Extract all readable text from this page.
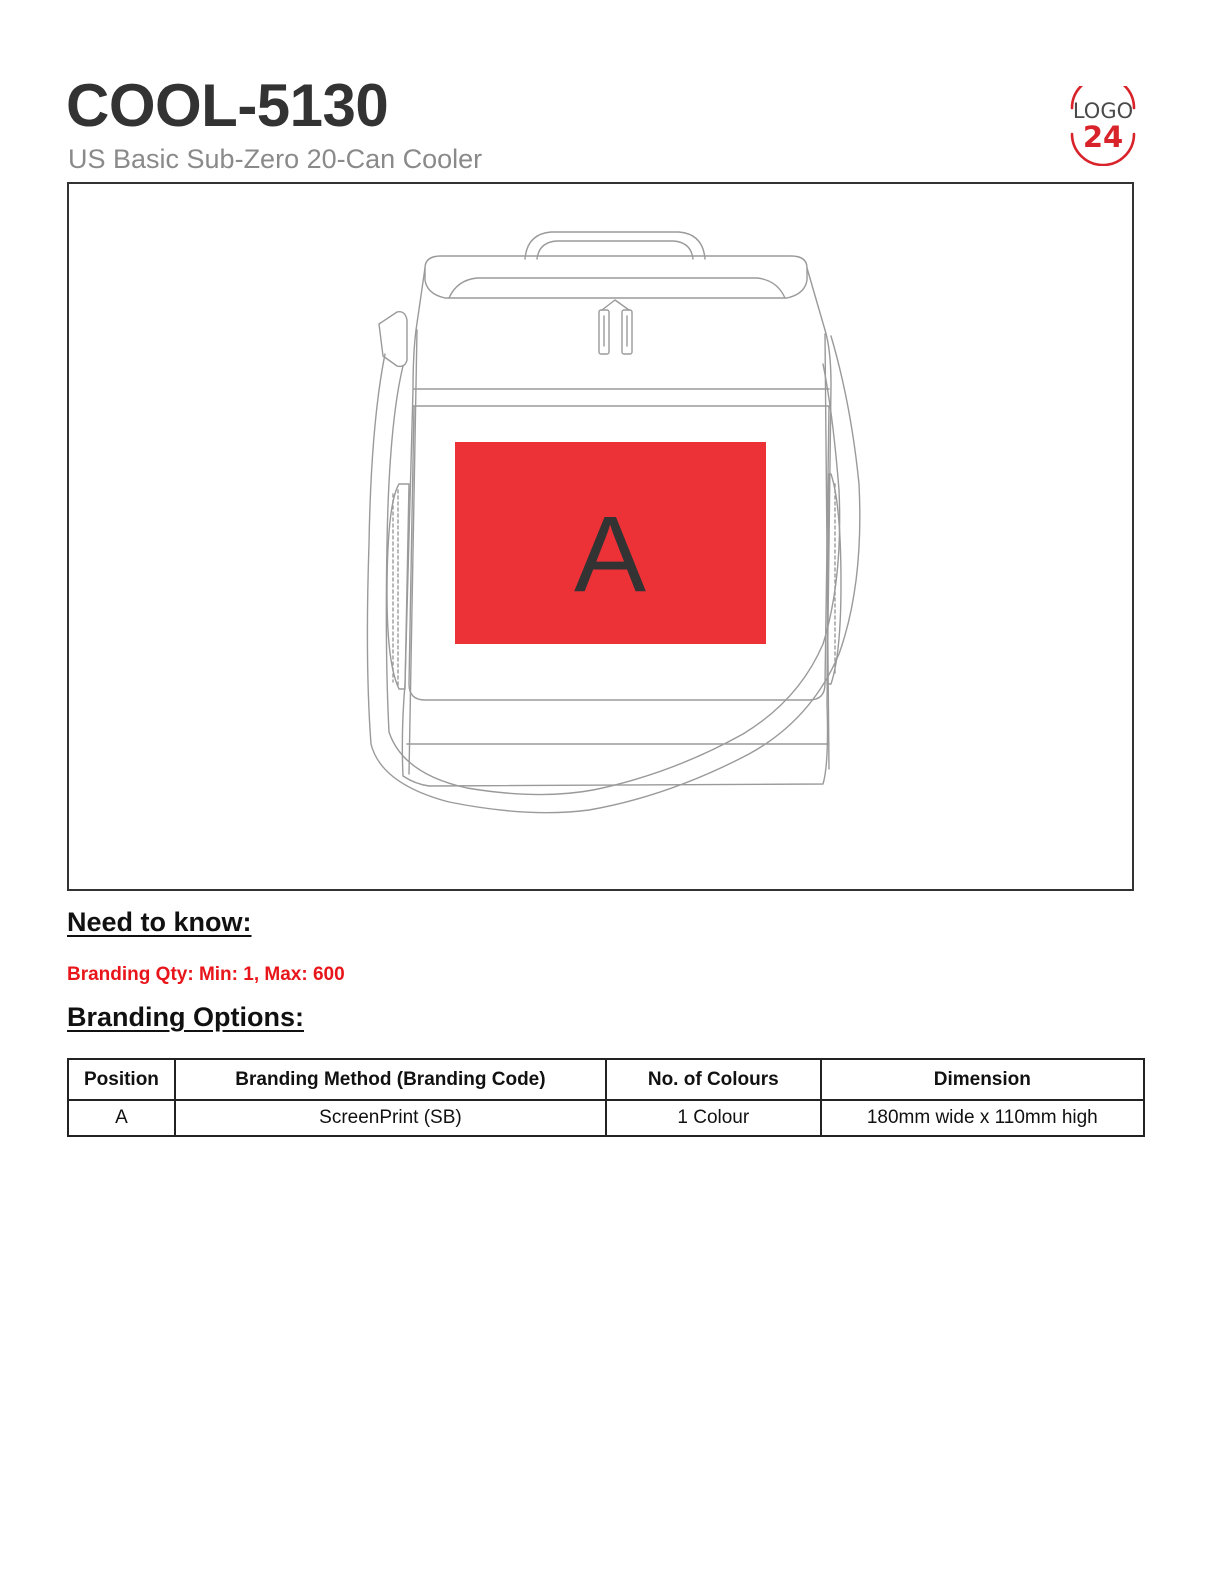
COOL-5130

US Basic Sub-Zero 20-Can Cooler

LOGO
24
A
Need to know:

Branding Qty: Min: 1, Max: 600

Branding Options:
Position	Branding Method (Branding Code)	No. of Colours	Dimension
A	ScreenPrint (SB)	1 Colour	180mm wide x 110mm high
